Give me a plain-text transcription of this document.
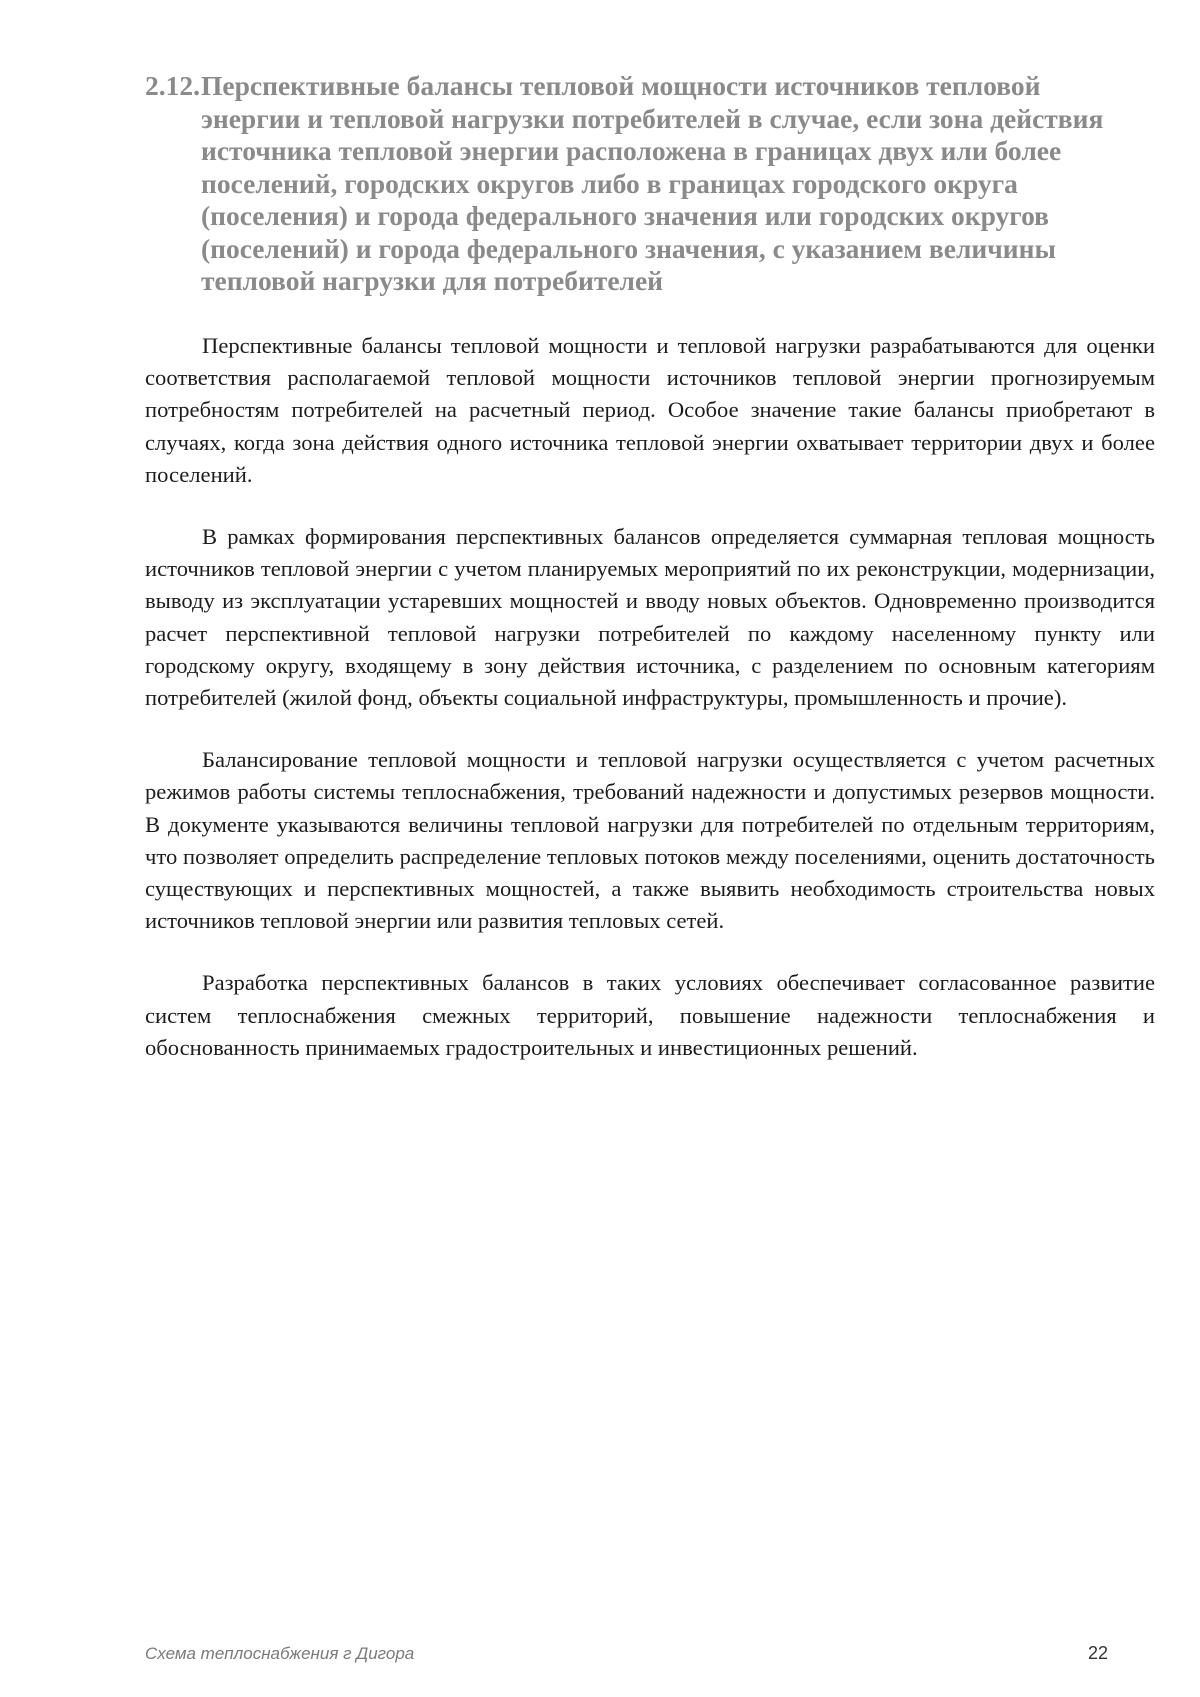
2.12.Перспективные балансы тепловой мощности источников тепловой
энергии и тепловой нагрузки потребителей в случае, если зона действия
источника тепловой энергии расположена в границах двух или более
поселений, городских округов либо в границах городского округа
(поселения) и города федерального значения или городских округов
(поселений) и города федерального значения, с указанием величины
тепловой нагрузки для потребителей

Перспективные балансы тепловой мощности и тепловой нагрузки разрабатываются для оценки соответствия располагаемой тепловой мощности источников тепловой энергии прогнозируемым потребностям потребителей на расчетный период. Особое значение такие балансы приобретают в случаях, когда зона действия одного источника тепловой энергии охватывает территории двух и более поселений.

В рамках формирования перспективных балансов определяется суммарная тепловая мощность источников тепловой энергии с учетом планируемых мероприятий по их реконструкции, модернизации, выводу из эксплуатации устаревших мощностей и вводу новых объектов. Одновременно производится расчет перспективной тепловой нагрузки потребителей по каждому населенному пункту или городскому округу, входящему в зону действия источника, с разделением по основным категориям потребителей (жилой фонд, объекты социальной инфраструктуры, промышленность и прочие).

Балансирование тепловой мощности и тепловой нагрузки осуществляется с учетом расчетных режимов работы системы теплоснабжения, требований надежности и допустимых резервов мощности. В документе указываются величины тепловой нагрузки для потребителей по отдельным территориям, что позволяет определить распределение тепловых потоков между поселениями, оценить достаточность существующих и перспективных мощностей, а также выявить необходимость строительства новых источников тепловой энергии или развития тепловых сетей.

Разработка перспективных балансов в таких условиях обеспечивает согласованное развитие систем теплоснабжения смежных территорий, повышение надежности теплоснабжения и обоснованность принимаемых градостроительных и инвестиционных решений.

Схема теплоснабжения г Дигора	22
